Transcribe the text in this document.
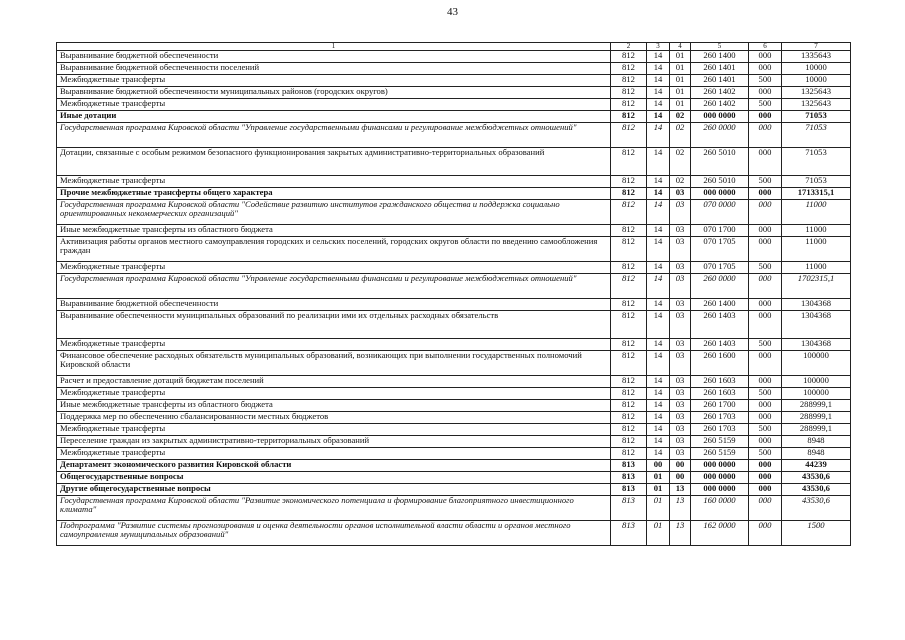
43
1	2	3	4	5	6	7
Выравнивание бюджетной обеспеченности	812	14	01	260 1400	000	1335643
Выравнивание бюджетной обеспеченности поселений	812	14	01	260 1401	000	10000
Межбюджетные трансферты	812	14	01	260 1401	500	10000
Выравнивание бюджетной обеспеченности муниципальных районов (городских округов)	812	14	01	260 1402	000	1325643
Межбюджетные трансферты	812	14	01	260 1402	500	1325643
Иные дотации	812	14	02	000 0000	000	71053
Государственная программа Кировской области "Управление государственными финансами и регулирование межбюджетных отношений"	812	14	02	260 0000	000	71053
Дотации, связанные с особым режимом безопасного функционирования закрытых административно-территориальных образований	812	14	02	260 5010	000	71053
Межбюджетные трансферты	812	14	02	260 5010	500	71053
Прочие межбюджетные трансферты общего характера	812	14	03	000 0000	000	1713315,1
Государственная программа Кировской области "Содействие развитию институтов гражданского общества и поддержка социально ориентированных некоммерческих организаций"	812	14	03	070 0000	000	11000
Иные межбюджетные трансферты из областного бюджета	812	14	03	070 1700	000	11000
Активизация работы органов местного самоуправления городских и сельских поселений, городских округов области по введению самообложения граждан	812	14	03	070 1705	000	11000
Межбюджетные трансферты	812	14	03	070 1705	500	11000
Государственная программа Кировской области "Управление государственными финансами и регулирование межбюджетных отношений"	812	14	03	260 0000	000	1702315,1
Выравнивание бюджетной обеспеченности	812	14	03	260 1400	000	1304368
Выравнивание обеспеченности муниципальных образований по реализации ими их отдельных расходных обязательств	812	14	03	260 1403	000	1304368
Межбюджетные трансферты	812	14	03	260 1403	500	1304368
Финансовое обеспечение расходных обязательств муниципальных образований, возникающих при выполнении государственных полномочий Кировской области	812	14	03	260 1600	000	100000
Расчет и предоставление дотаций бюджетам поселений	812	14	03	260 1603	000	100000
Межбюджетные трансферты	812	14	03	260 1603	500	100000
Иные межбюджетные трансферты из областного бюджета	812	14	03	260 1700	000	288999,1
Поддержка мер по обеспечению сбалансированности местных бюджетов	812	14	03	260 1703	000	288999,1
Межбюджетные трансферты	812	14	03	260 1703	500	288999,1
Переселение граждан из закрытых административно-территориальных образований	812	14	03	260 5159	000	8948
Межбюджетные трансферты	812	14	03	260 5159	500	8948
Департамент экономического развития Кировской области	813	00	00	000 0000	000	44239
Общегосударственные вопросы	813	01	00	000 0000	000	43530,6
Другие общегосударственные вопросы	813	01	13	000 0000	000	43530,6
Государственная программа Кировской области "Развитие экономического потенциала и формирование благоприятного инвестиционного климата"	813	01	13	160 0000	000	43530,6
Подпрограмма "Развитие системы прогнозирования и оценка деятельности органов исполнительной власти области и органов местного самоуправления муниципальных образований"	813	01	13	162 0000	000	1500
